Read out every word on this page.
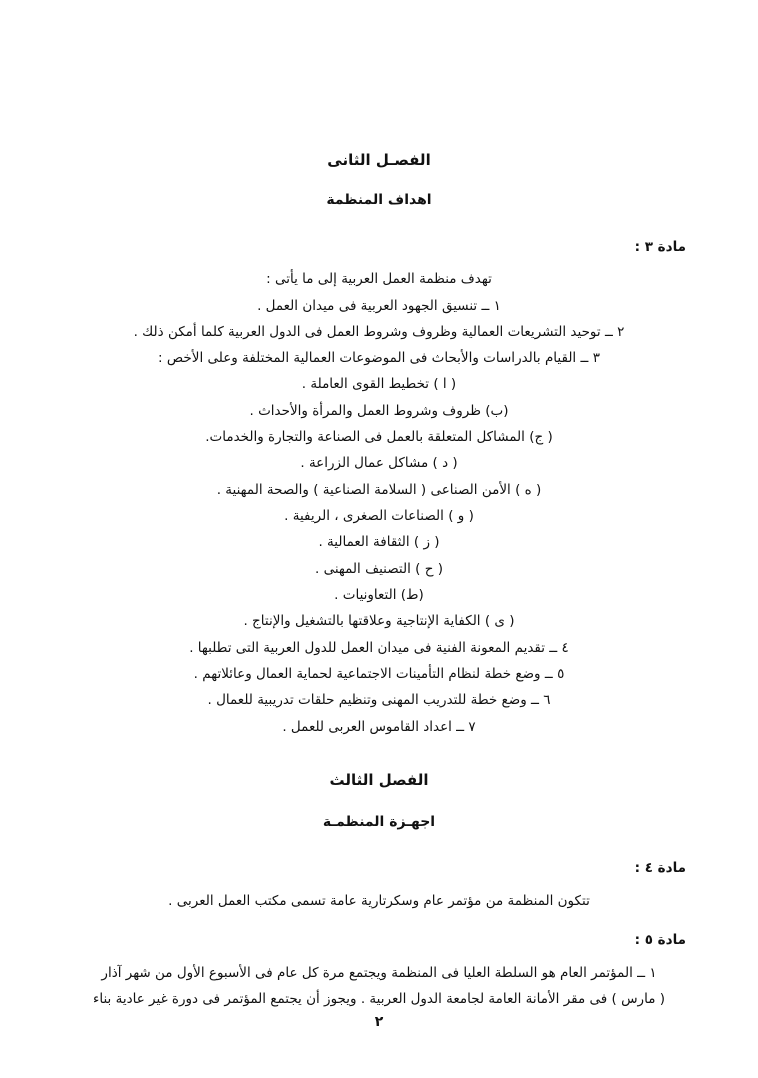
الفصـل الثانى
اهداف المنظمة
مادة ٣ :
تهدف منظمة العمل العربية إلى ما يأتى :
١ ــ تنسيق الجهود العربية فى ميدان العمل .
٢ ــ توحيد التشريعات العمالية وظروف وشروط العمل فى الدول العربية كلما أمكن ذلك .
٣ ــ القيام بالدراسات والأبحاث فى الموضوعات العمالية المختلفة وعلى الأخص :
( ا ) تخطيط القوى العاملة .
(ب) ظروف وشروط العمل والمرأة والأحداث .
( ج) المشاكل المتعلقة بالعمل فى الصناعة والتجارة والخدمات.
( د ) مشاكل عمال الزراعة .
( ه ) الأمن الصناعى ( السلامة الصناعية ) والصحة المهنية .
( و ) الصناعات الصغرى ، الريفية .
( ز ) الثقافة العمالية .
( ح ) التصنيف المهنى .
(ط) التعاونيات .
( ى ) الكفاية الإنتاجية وعلاقتها بالتشغيل والإنتاج .
٤ ــ تقديم المعونة الفنية فى ميدان العمل للدول العربية التى تطلبها .
٥ ــ وضع خطة لنظام التأمينات الاجتماعية لحماية العمال وعائلاتهم .
٦ ــ وضع خطة للتدريب المهنى وتنظيم حلقات تدريبية للعمال .
٧ ــ اعداد القاموس العربى للعمل .
الفصل الثالث
اجهـزة المنظمـة
مادة ٤ :
تتكون المنظمة من مؤتمر عام وسكرتارية عامة تسمى‌ مكتب العمل العربى .
مادة ٥ :
١ ــ المؤتمر العام هو السلطة العليا فى المنظمة ويجتمع مرة كل عام فى الأسبوع الأول من شهر آذار
( مارس ) فى مقر الأمانة العامة لجامعة الدول العربية . ويجوز أن يجتمع المؤتمر فى دورة غير عادية بناء
٢
